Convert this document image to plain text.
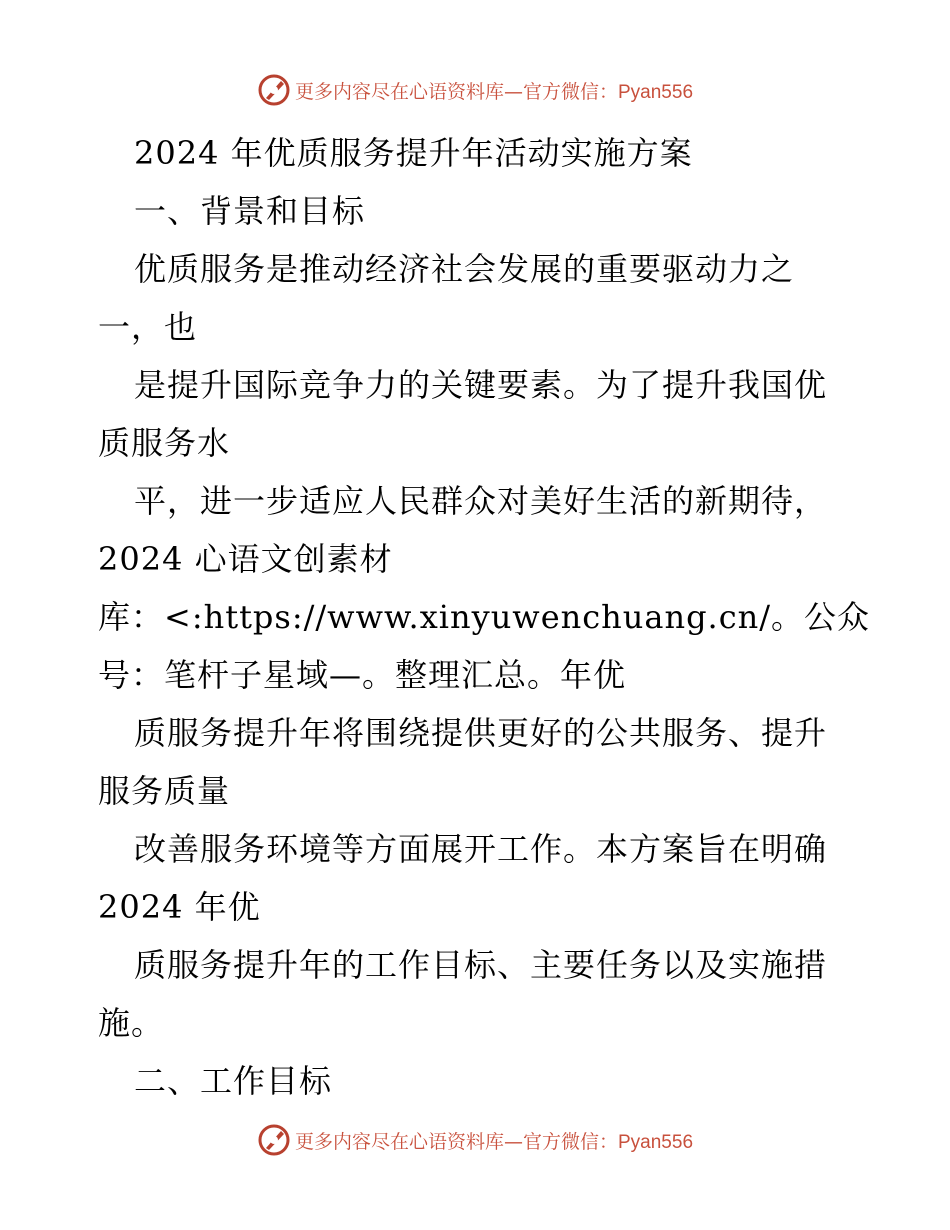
更多内容尽在心语资料库—官方微信：Pyan556
2024 年优质服务提升年活动实施方案
一、背景和目标
优质服务是推动经济社会发展的重要驱动力之
一，也
是提升国际竞争力的关键要素。为了提升我国优
质服务水
平，进一步适应人民群众对美好生活的新期待，
2024 心语文创素材
库：<:https://www.xinyuwenchuang.cn/。公众
号：笔杆子星域—。整理汇总。年优
质服务提升年将围绕提供更好的公共服务、提升
服务质量
改善服务环境等方面展开工作。本方案旨在明确
2024 年优
质服务提升年的工作目标、主要任务以及实施措
施。
二、工作目标
更多内容尽在心语资料库—官方微信：Pyan556
